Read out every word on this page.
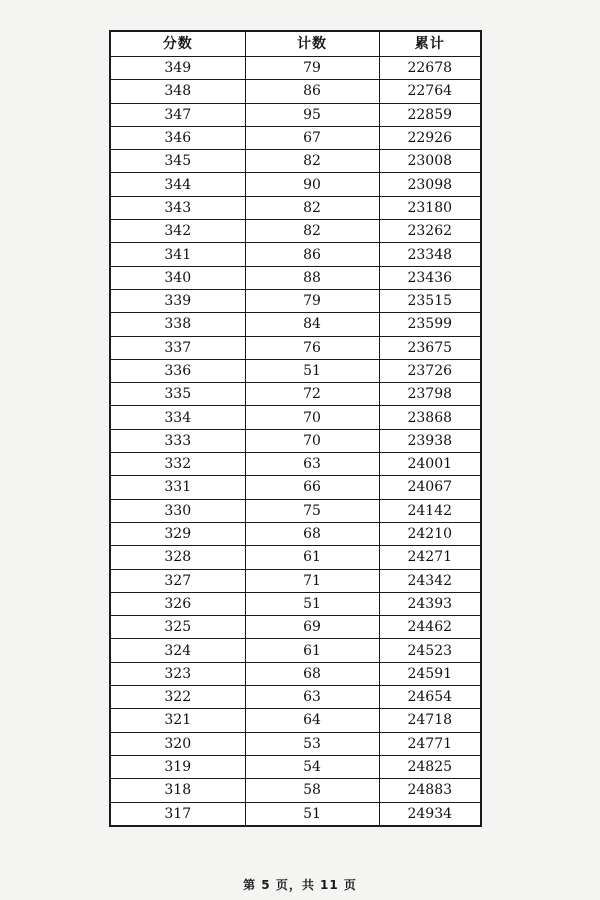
分数	计数	累计
349	79	22678
348	86	22764
347	95	22859
346	67	22926
345	82	23008
344	90	23098
343	82	23180
342	82	23262
341	86	23348
340	88	23436
339	79	23515
338	84	23599
337	76	23675
336	51	23726
335	72	23798
334	70	23868
333	70	23938
332	63	24001
331	66	24067
330	75	24142
329	68	24210
328	61	24271
327	71	24342
326	51	24393
325	69	24462
324	61	24523
323	68	24591
322	63	24654
321	64	24718
320	53	24771
319	54	24825
318	58	24883
317	51	24934
第 5 页，共 11 页
